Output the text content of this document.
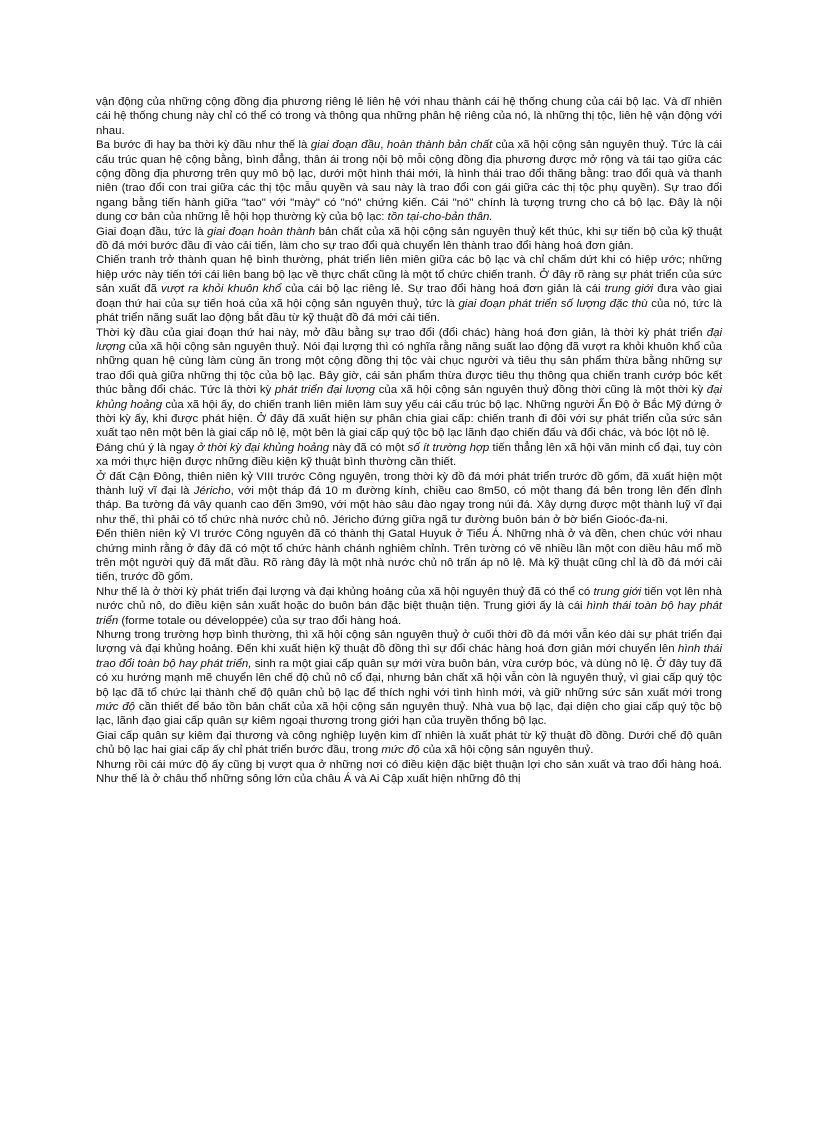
vận động của những cộng đồng địa phương riêng lẻ liên hệ với nhau thành cái hệ thống chung của cái bộ lạc. Và dĩ nhiên cái hệ thống chung này chỉ có thể có trong và thông qua những phân hệ riêng của nó, là những thị tộc, liên hệ vận động với nhau.

Ba bước đi hay ba thời kỳ đầu như thế là giai đoạn đầu, hoàn thành bản chất của xã hội cộng sản nguyên thuỷ. Tức là cái cấu trúc quan hệ cộng bằng, bình đẳng, thân ái trong nội bộ mỗi cộng đồng địa phương được mở rộng và tái tạo giữa các cộng đồng địa phương trên quy mô bộ lạc, dưới một hình thái mới, là hình thái trao đổi thăng bằng: trao đổi quà và thanh niên (trao đổi con trai giữa các thị tộc mẫu quyền và sau này là trao đổi con gái giữa các thị tộc phụ quyền). Sự trao đổi ngang bằng tiến hành giữa "tao" với "mày" có "nó" chứng kiến. Cái "nó" chính là tượng trưng cho cả bộ lạc. Đây là nội dung cơ bản của những lễ hội họp thường kỳ của bộ lạc: tồn tại-cho-bản thân.

Giai đoạn đầu, tức là giai đoạn hoàn thành bản chất của xã hội cộng sản nguyên thuỷ kết thúc, khi sự tiến bộ của kỹ thuật đồ đá mới bước đầu đi vào cải tiến, làm cho sự trao đổi quà chuyển lên thành trao đổi hàng hoá đơn giản.

Chiến tranh trở thành quan hệ bình thường, phát triển liên miên giữa các bộ lạc và chỉ chấm dứt khi có hiệp ước; những hiệp ước này tiến tới cái liên bang bộ lạc về thực chất cũng là một tổ chức chiến tranh. Ở đây rõ ràng sự phát triển của sức sản xuất đã vượt ra khỏi khuôn khổ của cái bộ lạc riêng lẻ. Sự trao đổi hàng hoá đơn giản là cái trung giới đưa vào giai đoạn thứ hai của sự tiến hoá của xã hội cộng sản nguyên thuỷ, tức là giai đoạn phát triển số lượng đặc thù của nó, tức là phát triển năng suất lao động bắt đầu từ kỹ thuật đồ đá mới cải tiến.

Thời kỳ đầu của giai đoạn thứ hai này, mở đầu bằng sự trao đổi (đổi chác) hàng hoá đơn giản, là thời kỳ phát triển đại lượng của xã hội cộng sản nguyên thuỷ. Nói đại lượng thì có nghĩa rằng năng suất lao động đã vượt ra khỏi khuôn khổ của những quan hệ cùng làm cùng ăn trong một cộng đồng thị tộc vài chục người và tiêu thụ sản phẩm thừa bằng những sự trao đổi quà giữa những thị tộc của bộ lạc. Bây giờ, cái sản phẩm thừa được tiêu thụ thông qua chiến tranh cướp bóc kết thúc bằng đổi chác. Tức là thời kỳ phát triển đại lượng của xã hội cộng sản nguyên thuỷ đồng thời cũng là một thời kỳ đại khủng hoảng của xã hội ấy, do chiến tranh liên miên làm suy yếu cái cấu trúc bộ lạc. Những người Ấn Độ ở Bắc Mỹ đứng ở thời kỳ ấy, khi được phát hiện. Ở đây đã xuất hiện sự phân chia giai cấp: chiến tranh đi đôi với sự phát triển của sức sản xuất tạo nên một bên là giai cấp nô lệ, một bên là giai cấp quý tộc bộ lạc lãnh đạo chiến đấu và đổi chác, và bóc lột nô lệ.

Đáng chú ý là ngay ở thời kỳ đại khủng hoảng này đã có một số ít trường hợp tiến thẳng lên xã hội văn minh cổ đại, tuy còn xa mới thực hiện được những điều kiện kỹ thuật bình thường cần thiết.

Ở đất Cận Đông, thiên niên kỷ VIII trước Công nguyên, trong thời kỳ đồ đá mới phát triển trước đồ gốm, đã xuất hiện một thành luỹ vĩ đại là Jéricho, với một tháp đá 10 m đường kính, chiều cao 8m50, có một thang đá bên trong lên đến đỉnh tháp. Ba tường đá vây quanh cao đến 3m90, với một hào sâu đào ngay trong núi đá. Xây dựng được một thành luỹ vĩ đại như thế, thì phải có tổ chức nhà nước chủ nô. Jéricho đứng giữa ngã tư đường buôn bán ở bờ biển Gioóc-đa-ni.

Đến thiên niên kỷ VI trước Công nguyên đã có thành thị Gatal Huyuk ở Tiểu Á. Những nhà ở và đền, chen chúc với nhau chứng minh rằng ở đây đã có một tổ chức hành chánh nghiêm chỉnh. Trên tường có vẽ nhiều lần một con diều hâu mổ mồ trên một người quỳ đã mất đầu. Rõ ràng đây là một nhà nước chủ nô trấn áp nô lệ. Mà kỹ thuật cũng chỉ là đồ đá mới cải tiến, trước đồ gốm.

Như thế là ở thời kỳ phát triển đại lượng và đại khủng hoảng của xã hội nguyên thuỷ đã có thể có trung giới tiến vọt lên nhà nước chủ nô, do điều kiện sản xuất hoặc do buôn bán đặc biệt thuận tiện. Trung giới ấy là cái hình thái toàn bộ hay phát triển (forme totale ou développée) của sự trao đổi hàng hoá.

Nhưng trong trường hợp bình thường, thì xã hội cộng sản nguyên thuỷ ở cuối thời đồ đá mới vẫn kéo dài sự phát triển đại lượng và đại khủng hoảng. Đến khi xuất hiện kỹ thuật đồ đồng thì sự đổi chác hàng hoá đơn giản mới chuyển lên hình thái trao đổi toàn bộ hay phát triển, sinh ra một giai cấp quân sự mới vừa buôn bán, vừa cướp bóc, và dùng nô lệ. Ở đây tuy đã có xu hướng mạnh mẽ chuyển lên chế độ chủ nô cổ đại, nhưng bản chất xã hội vẫn còn là nguyên thuỷ, vì giai cấp quý tộc bộ lạc đã tổ chức lại thành chế độ quân chủ bộ lạc để thích nghi với tình hình mới, và giữ những sức sản xuất mới trong mức độ cần thiết để bảo tồn bản chất của xã hội cộng sản nguyên thuỷ. Nhà vua bộ lạc, đại diện cho giai cấp quý tộc bộ lạc, lãnh đạo giai cấp quân sự kiêm ngoại thương trong giới hạn của truyền thống bộ lạc.

Giai cấp quân sự kiêm đại thương và công nghiệp luyện kim dĩ nhiên là xuất phát từ kỹ thuật đồ đồng. Dưới chế độ quân chủ bộ lạc hai giai cấp ấy chỉ phát triển bước đầu, trong mức độ của xã hội cộng sản nguyên thuỷ.

Nhưng rồi cái mức độ ấy cũng bị vượt qua ở những nơi có điều kiện đặc biệt thuận lợi cho sản xuất và trao đổi hàng hoá. Như thế là ở châu thổ những sông lớn của châu Á và Ai Cập xuất hiện những đô thị
